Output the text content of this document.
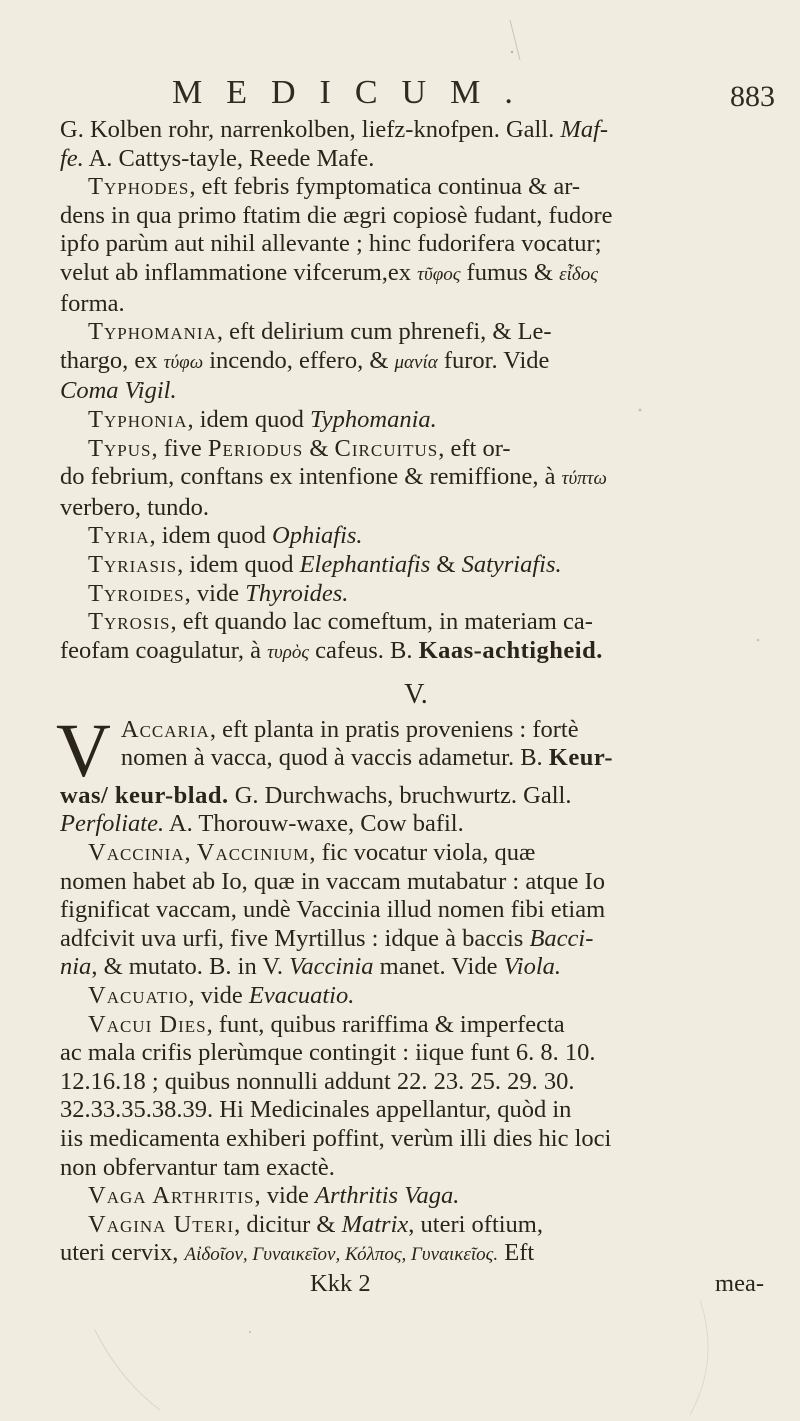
MEDICUM.	883
G. Kolben rohr, narrenkolben, liefz-knofpen. Gall. Maf-
fe. A. Cattys-tayle, Reede Mafe.
Typhodes, eft febris fymptomatica continua & ar-
dens in qua primo ftatim die ægri copiosè fudant, fudore
ipfo parùm aut nihil allevante ; hinc fudorifera vocatur;
velut ab inflammatione vifcerum,ex τῦφος fumus & εἶδος
forma.
Typhomania, eft delirium cum phrenefi, & Le-
thargo, ex τύφω incendo, effero, & μανία furor. Vide
Coma Vigil.
Typhonia, idem quod Typhomania.
Typus, five Periodus & Circuitus, eft or-
do febrium, conftans ex intenfione & remiffione, à τύπτω
verbero, tundo.
Tyria, idem quod Ophiafis.
Tyriasis, idem quod Elephantiafis & Satyriafis.
Tyroides, vide Thyroides.
Tyrosis, eft quando lac comeftum, in materiam ca-
feofam coagulatur, à τυρὸς cafeus. B. Kaas-achtigheid.
V.
V Accaria, eft planta in pratis proveniens : fortè
nomen à vacca, quod à vaccis adametur. B. Keur-
was/ keur-blad. G. Durchwachs, bruchwurtz. Gall.
Perfoliate. A. Thorouw-waxe, Cow bafil.
Vaccinia, Vaccinium, fic vocatur viola, quæ
nomen habet ab Io, quæ in vaccam mutabatur : atque Io
fignificat vaccam, undè Vaccinia illud nomen fibi etiam
adfcivit uva urfi, five Myrtillus : idque à baccis Bacci-
nia, & mutato. B. in V. Vaccinia manet. Vide Viola.
Vacuatio, vide Evacuatio.
Vacui Dies, funt, quibus rariffima & imperfecta
ac mala crifis plerùmque contingit : iique funt 6. 8. 10.
12.16.18 ; quibus nonnulli addunt 22. 23. 25. 29. 30.
32.33.35.38.39. Hi Medicinales appellantur, quòd in
iis medicamenta exhiberi poffint, verùm illi dies hic loci
non obfervantur tam exactè.
Vaga Arthritis, vide Arthritis Vaga.
Vagina Uteri, dicitur & Matrix, uteri oftium,
uteri cervix, Αἰδοῖον, Γυναικεῖον, Κόλπος, Γυναικεῖος. Eft
Kkk 2	mea-
